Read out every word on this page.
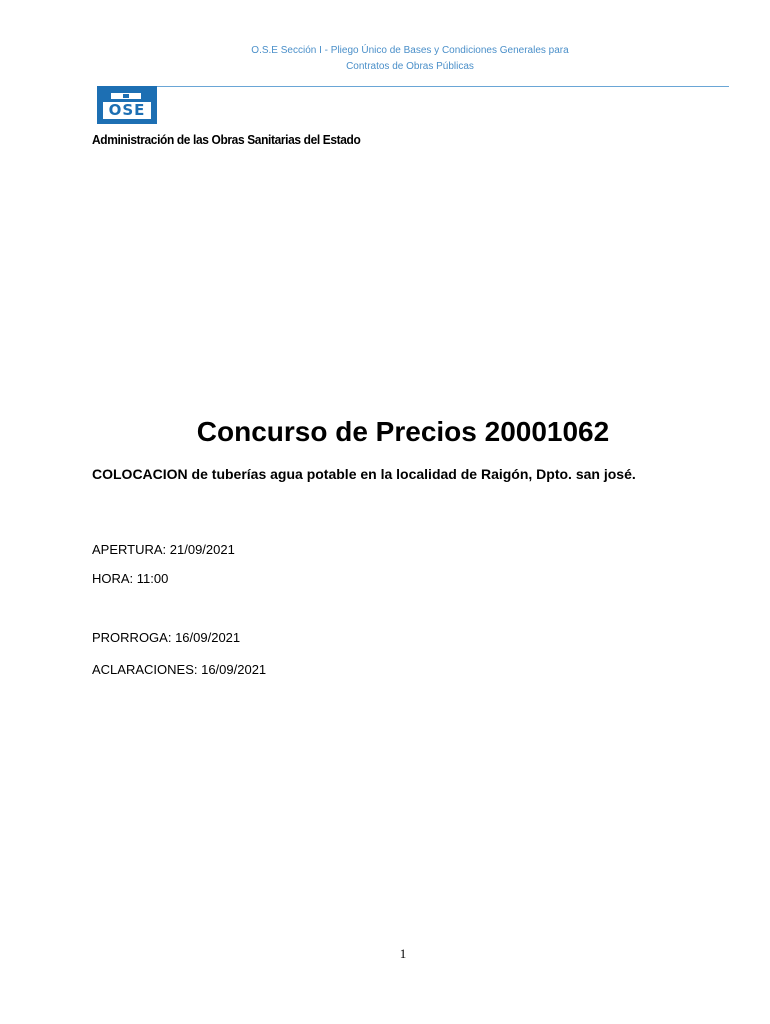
O.S.E Sección I - Pliego Único de Bases y Condiciones Generales para
Contratos de Obras Públicas
OSE
Administración de las Obras Sanitarias del Estado
Concurso de Precios 20001062
COLOCACION de tuberías agua potable en la localidad de Raigón, Dpto. san josé.
APERTURA: 21/09/2021
HORA: 11:00
PRORROGA: 16/09/2021
ACLARACIONES: 16/09/2021
1
